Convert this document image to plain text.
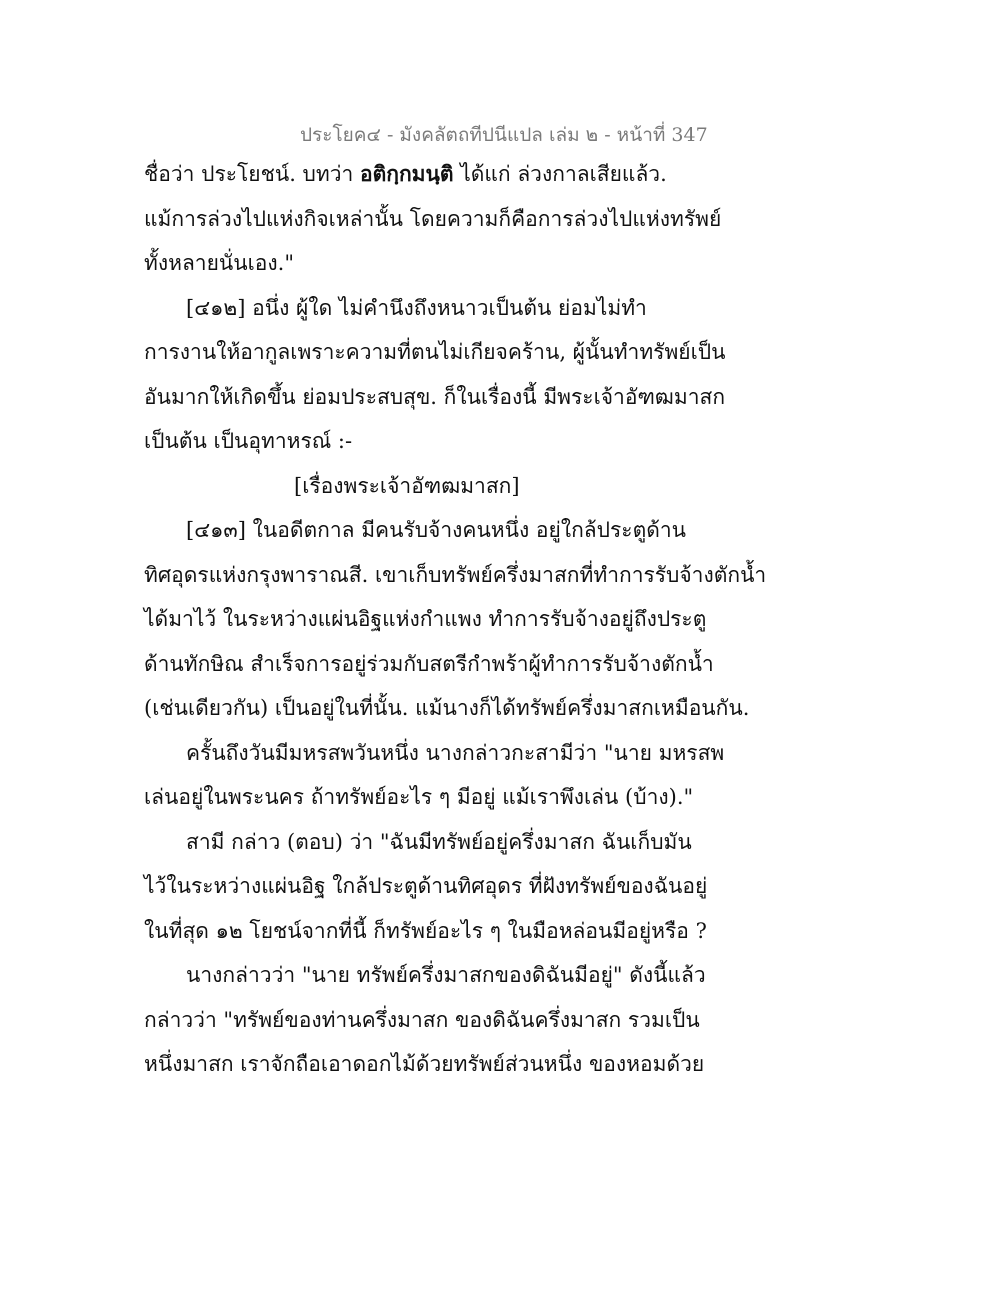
ประโยค๔ - มังคลัตถทีปนีแปล เล่ม ๒ - หน้าที่ 347
ชื่อว่า ประโยชน์. บทว่า อติกฺกมนฺติ ได้แก่ ล่วงกาลเสียแล้ว.
แม้การล่วงไปแห่งกิจเหล่านั้น โดยความก็คือการล่วงไปแห่งทรัพย์
ทั้งหลายนั่นเอง."
[๔๑๒] อนึ่ง ผู้ใด ไม่คำนึงถึงหนาวเป็นต้น ย่อมไม่ทำ
การงานให้อากูลเพราะความที่ตนไม่เกียจคร้าน, ผู้นั้นทำทรัพย์เป็น
อันมากให้เกิดขึ้น ย่อมประสบสุข. ก็ในเรื่องนี้ มีพระเจ้าอัฑฒมาสก
เป็นต้น เป็นอุทาหรณ์ :-
[เรื่องพระเจ้าอัฑฒมาสก]
[๔๑๓] ในอดีตกาล มีคนรับจ้างคนหนึ่ง อยู่ใกล้ประตูด้าน
ทิศอุดรแห่งกรุงพาราณสี. เขาเก็บทรัพย์ครึ่งมาสกที่ทำการรับจ้างตักน้ำ
ได้มาไว้ ในระหว่างแผ่นอิฐแห่งกำแพง ทำการรับจ้างอยู่ถึงประตู
ด้านทักษิณ สำเร็จการอยู่ร่วมกับสตรีกำพร้าผู้ทำการรับจ้างตักน้ำ
(เช่นเดียวกัน) เป็นอยู่ในที่นั้น. แม้นางก็ได้ทรัพย์ครึ่งมาสกเหมือนกัน.
ครั้นถึงวันมีมหรสพวันหนึ่ง นางกล่าวกะสามีว่า "นาย มหรสพ
เล่นอยู่ในพระนคร ถ้าทรัพย์อะไร ๆ มีอยู่ แม้เราพึงเล่น (บ้าง)."
สามี กล่าว (ตอบ) ว่า "ฉันมีทรัพย์อยู่ครึ่งมาสก ฉันเก็บมัน
ไว้ในระหว่างแผ่นอิฐ ใกล้ประตูด้านทิศอุดร ที่ฝังทรัพย์ของฉันอยู่
ในที่สุด ๑๒ โยชน์จากที่นี้ ก็ทรัพย์อะไร ๆ ในมือหล่อนมีอยู่หรือ ?
นางกล่าวว่า "นาย ทรัพย์ครึ่งมาสกของดิฉันมีอยู่" ดังนี้แล้ว
กล่าวว่า "ทรัพย์ของท่านครึ่งมาสก ของดิฉันครึ่งมาสก รวมเป็น
หนึ่งมาสก เราจักถือเอาดอกไม้ด้วยทรัพย์ส่วนหนึ่ง ของหอมด้วย
